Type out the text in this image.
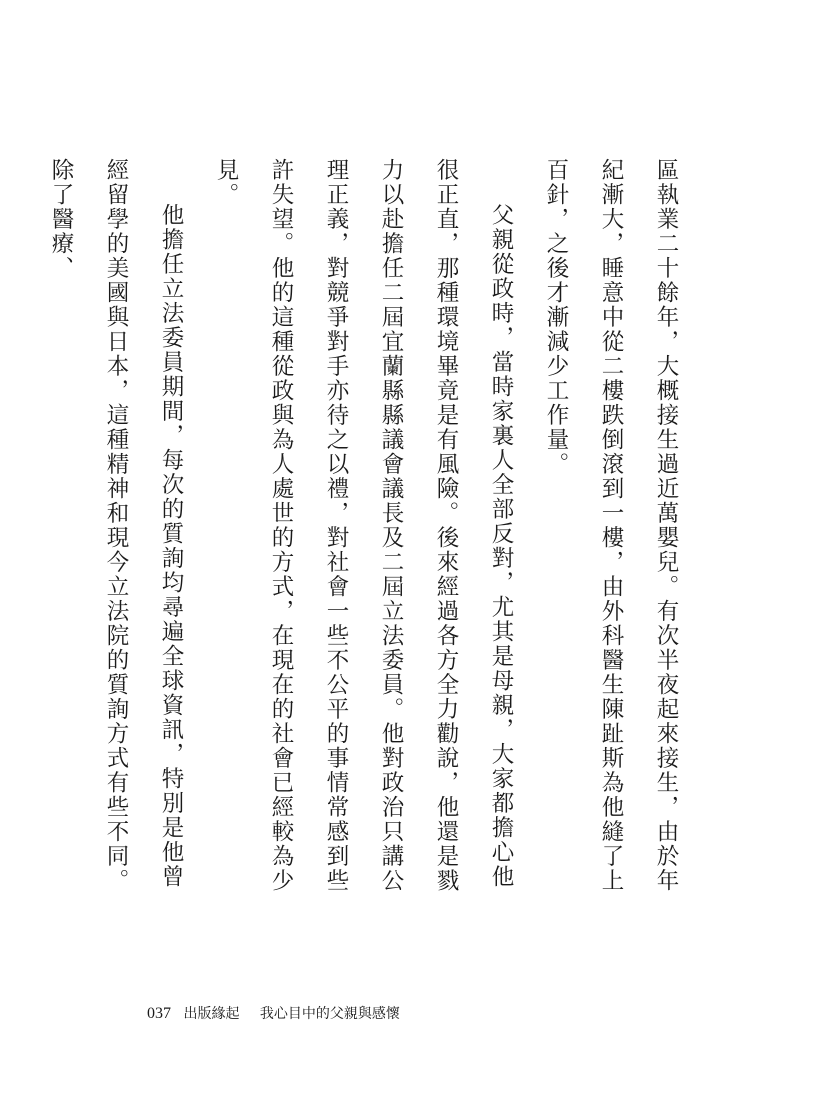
區執業二十餘年，大概接生過近萬嬰兒。有次半夜起來接生，由於年紀漸大，睡意中從二樓跌倒滾到一樓，由外科醫生陳趾斯為他縫了上百針，之後才漸減少工作量。

父親從政時，當時家裏人全部反對，尤其是母親，大家都擔心他很正直，那種環境畢竟是有風險。後來經過各方全力勸說，他還是戮力以赴擔任二屆宜蘭縣縣議會議長及二屆立法委員。他對政治只講公理正義，對競爭對手亦待之以禮，對社會一些不公平的事情常感到些許失望。他的這種從政與為人處世的方式，在現在的社會已經較為少見。

他擔任立法委員期間，每次的質詢均尋遍全球資訊，特別是他曾經留學的美國與日本，這種精神和現今立法院的質詢方式有些不同。除了醫療、

037 出版緣起 我心目中的父親與感懷
